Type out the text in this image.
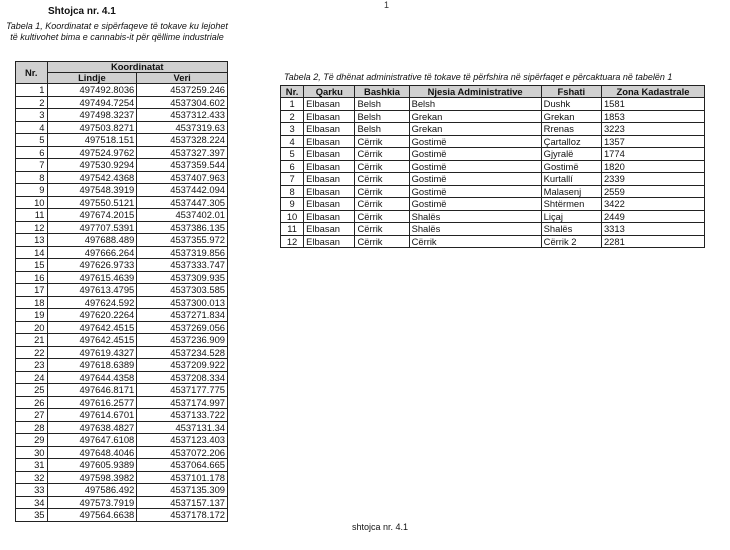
1
Shtojca nr. 4.1
Tabela 1, Koordinatat e sipërfaqeve të tokave ku lejohet të kultivohet bima e cannabis-it për qëllime industriale
Nr.	Koordinatat	
	Lindje	Veri
1	497492.8036	4537259.246
2	497494.7254	4537304.602
3	497498.3237	4537312.433
4	497503.8271	4537319.63
5	497518.151	4537328.224
6	497524.9762	4537327.397
7	497530.9294	4537359.544
8	497542.4368	4537407.963
9	497548.3919	4537442.094
10	497550.5121	4537447.305
11	497674.2015	4537402.01
12	497707.5391	4537386.135
13	497688.489	4537355.972
14	497666.264	4537319.856
15	497626.9733	4537333.747
16	497615.4639	4537309.935
17	497613.4795	4537303.585
18	497624.592	4537300.013
19	497620.2264	4537271.834
20	497642.4515	4537269.056
21	497642.4515	4537236.909
22	497619.4327	4537234.528
23	497618.6389	4537209.922
24	497644.4358	4537208.334
25	497646.8171	4537177.775
26	497616.2577	4537174.997
27	497614.6701	4537133.722
28	497638.4827	4537131.34
29	497647.6108	4537123.403
30	497648.4046	4537072.206
31	497605.9389	4537064.665
32	497598.3982	4537101.178
33	497586.492	4537135.309
34	497573.7919	4537157.137
35	497564.6638	4537178.172
Tabela 2, Të dhënat administrative të tokave të përfshira në sipërfaqet e përcaktuara në tabelën 1
Nr.	Qarku	Bashkia	Njesia Administrative	Fshati	Zona Kadastrale
1	Elbasan	Belsh	Belsh	Dushk	1581
2	Elbasan	Belsh	Grekan	Grekan	1853
3	Elbasan	Belsh	Grekan	Rrenas	3223
4	Elbasan	Cërrik	Gostimë	Çartalloz	1357
5	Elbasan	Cërrik	Gostimë	Gjyralë	1774
6	Elbasan	Cërrik	Gostimë	Gostimë	1820
7	Elbasan	Cërrik	Gostimë	Kurtallí	2339
8	Elbasan	Cërrik	Gostimë	Malasenj	2559
9	Elbasan	Cërrik	Gostimë	Shtërmen	3422
10	Elbasan	Cërrik	Shalës	Liçaj	2449
11	Elbasan	Cërrik	Shalës	Shalës	3313
12	Elbasan	Cërrik	Cërrik	Cërrik 2	2281
shtojca nr. 4.1
